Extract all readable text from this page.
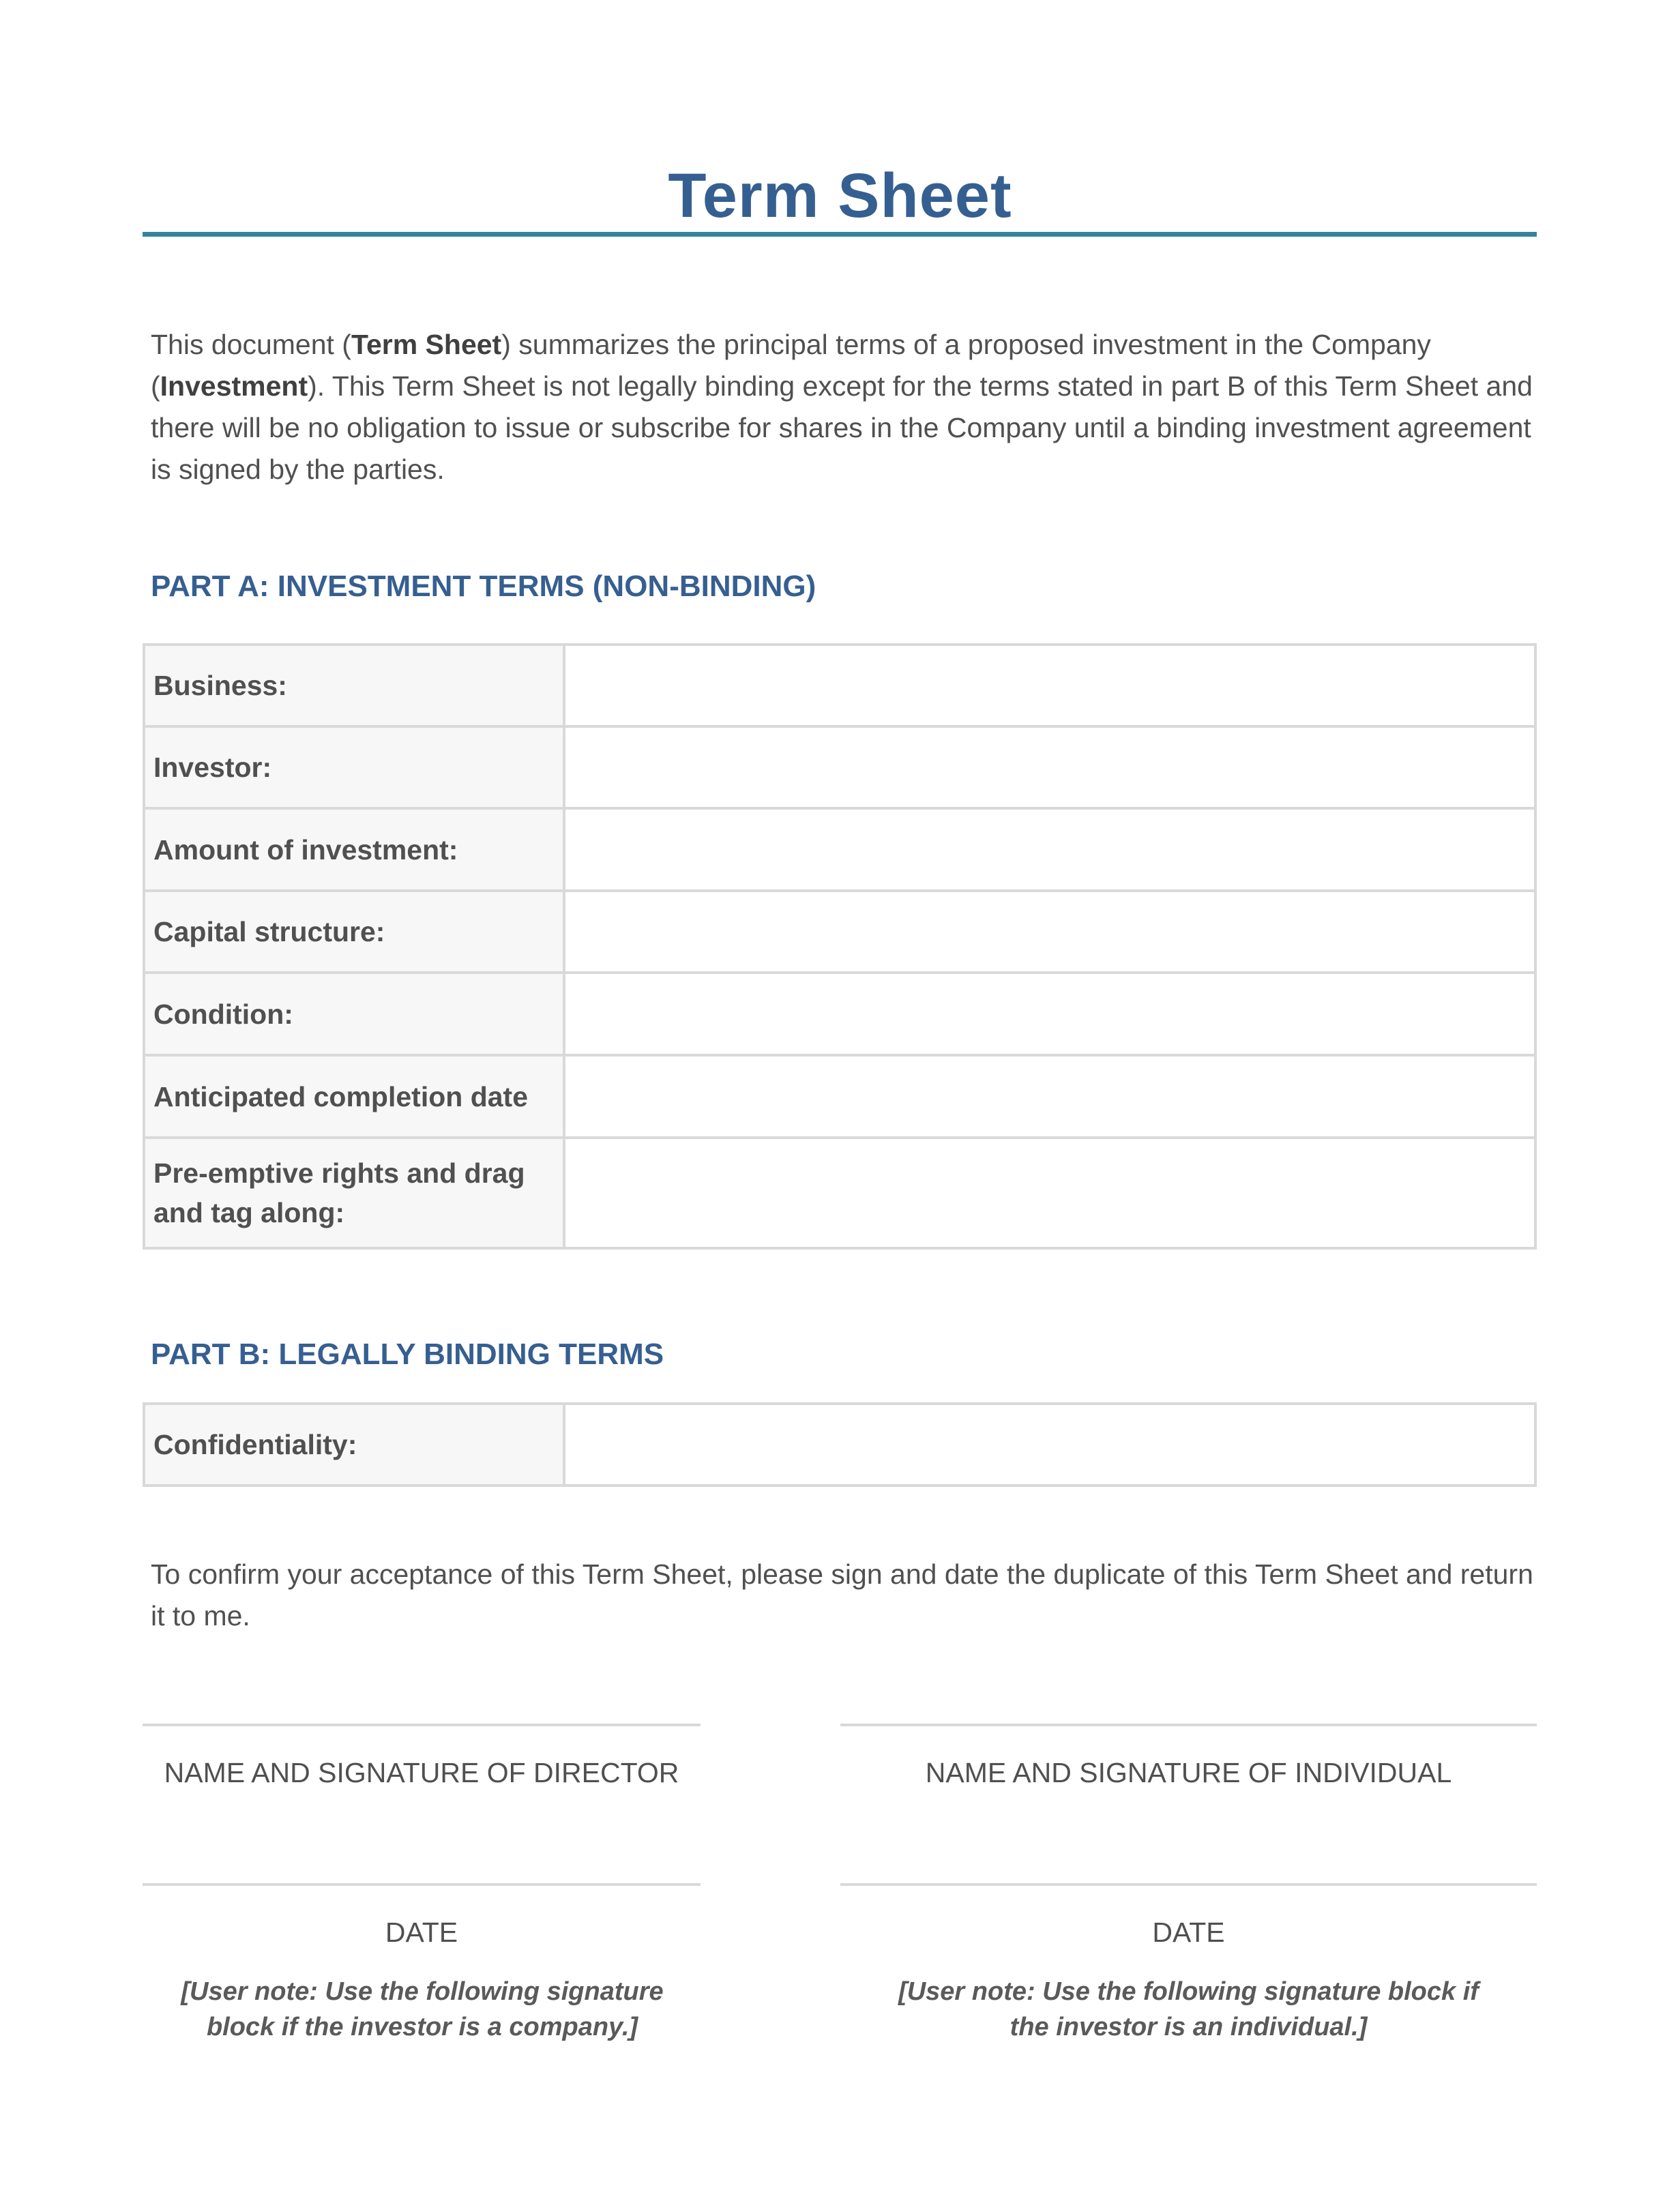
Term Sheet
This document (Term Sheet) summarizes the principal terms of a proposed investment in the Company (Investment). This Term Sheet is not legally binding except for the terms stated in part B of this Term Sheet and there will be no obligation to issue or subscribe for shares in the Company until a binding investment agreement is signed by the parties.
PART A: INVESTMENT TERMS (NON-BINDING)
Business:	
Investor:	
Amount of investment:	
Capital structure:	
Condition:	
Anticipated completion date	
Pre-emptive rights and drag and tag along:	
PART B: LEGALLY BINDING TERMS
Confidentiality:	
To confirm your acceptance of this Term Sheet, please sign and date the duplicate of this Term Sheet and return it to me.
NAME AND SIGNATURE OF DIRECTOR
DATE
[User note: Use the following signature block if the investor is a company.]
NAME AND SIGNATURE OF INDIVIDUAL
DATE
[User note: Use the following signature block if the investor is an individual.]
